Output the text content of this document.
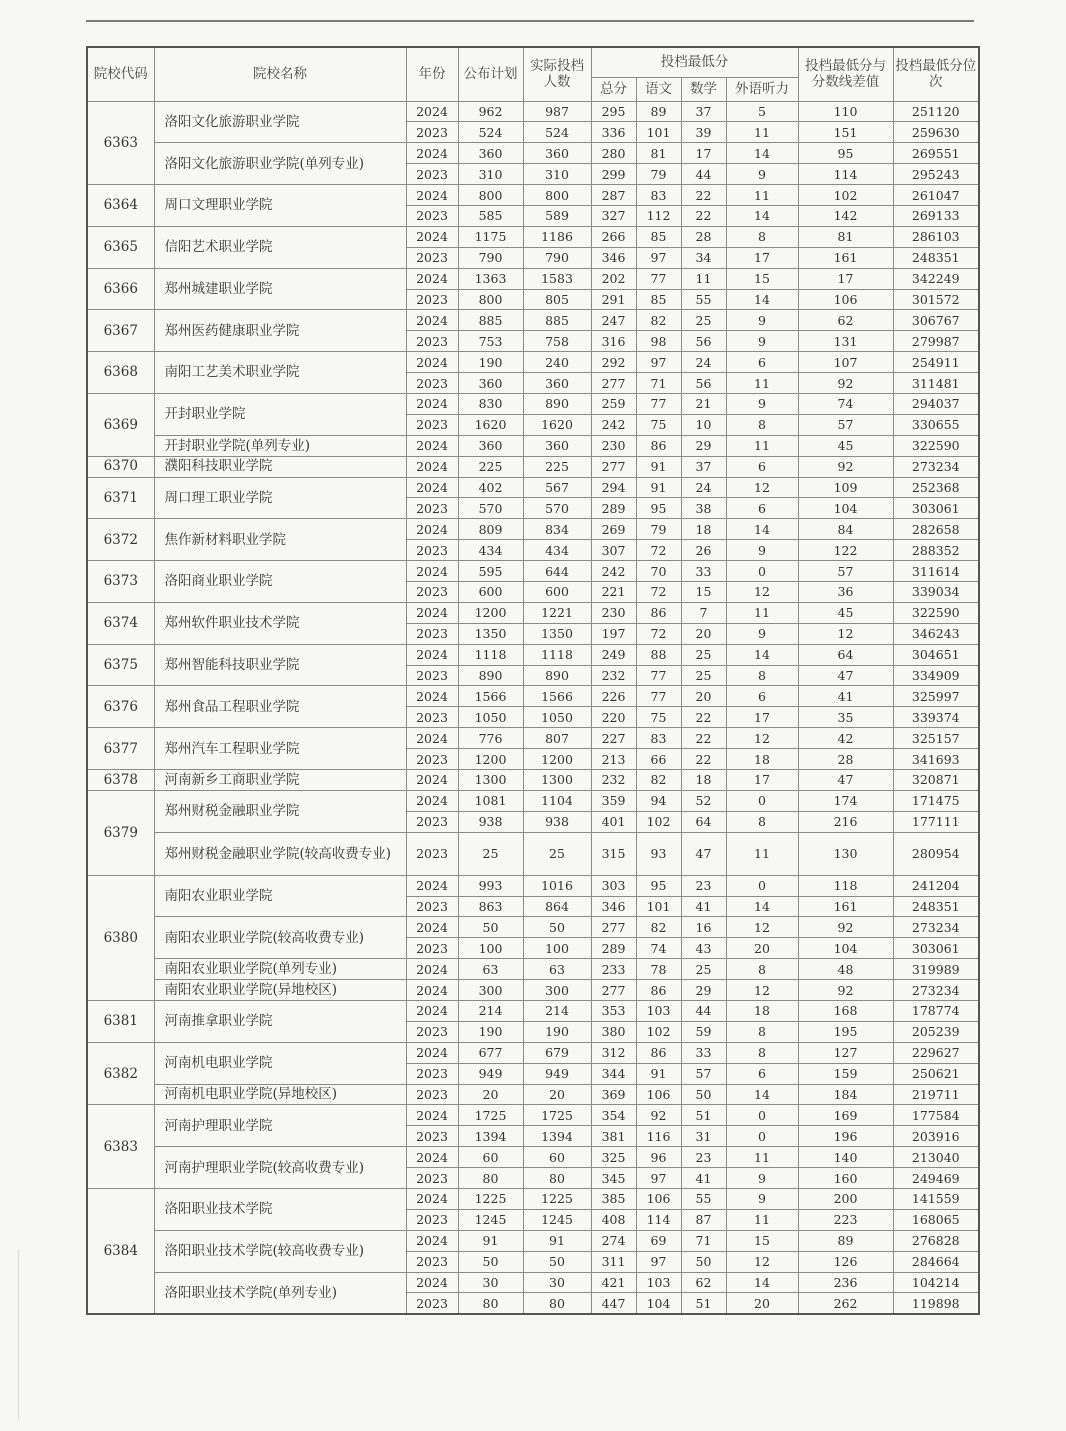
院校代码	院校名称	年份	公布计划	实际投档人数	投档最低分				投档最低分与分数线差值	投档最低分位次
					总分	语文	数学	外语听力		
6363	洛阳文化旅游职业学院	2024	962	987	295	89	37	5	110	251120
		2023	524	524	336	101	39	11	151	259630
	洛阳文化旅游职业学院(单列专业)	2024	360	360	280	81	17	14	95	269551
		2023	310	310	299	79	44	9	114	295243
6364	周口文理职业学院	2024	800	800	287	83	22	11	102	261047
		2023	585	589	327	112	22	14	142	269133
6365	信阳艺术职业学院	2024	1175	1186	266	85	28	8	81	286103
		2023	790	790	346	97	34	17	161	248351
6366	郑州城建职业学院	2024	1363	1583	202	77	11	15	17	342249
		2023	800	805	291	85	55	14	106	301572
6367	郑州医药健康职业学院	2024	885	885	247	82	25	9	62	306767
		2023	753	758	316	98	56	9	131	279987
6368	南阳工艺美术职业学院	2024	190	240	292	97	24	6	107	254911
		2023	360	360	277	71	56	11	92	311481
6369	开封职业学院	2024	830	890	259	77	21	9	74	294037
		2023	1620	1620	242	75	10	8	57	330655
	开封职业学院(单列专业)	2024	360	360	230	86	29	11	45	322590
6370	濮阳科技职业学院	2024	225	225	277	91	37	6	92	273234
6371	周口理工职业学院	2024	402	567	294	91	24	12	109	252368
		2023	570	570	289	95	38	6	104	303061
6372	焦作新材料职业学院	2024	809	834	269	79	18	14	84	282658
		2023	434	434	307	72	26	9	122	288352
6373	洛阳商业职业学院	2024	595	644	242	70	33	0	57	311614
		2023	600	600	221	72	15	12	36	339034
6374	郑州软件职业技术学院	2024	1200	1221	230	86	7	11	45	322590
		2023	1350	1350	197	72	20	9	12	346243
6375	郑州智能科技职业学院	2024	1118	1118	249	88	25	14	64	304651
		2023	890	890	232	77	25	8	47	334909
6376	郑州食品工程职业学院	2024	1566	1566	226	77	20	6	41	325997
		2023	1050	1050	220	75	22	17	35	339374
6377	郑州汽车工程职业学院	2024	776	807	227	83	22	12	42	325157
		2023	1200	1200	213	66	22	18	28	341693
6378	河南新乡工商职业学院	2024	1300	1300	232	82	18	17	47	320871
6379	郑州财税金融职业学院	2024	1081	1104	359	94	52	0	174	171475
		2023	938	938	401	102	64	8	216	177111
	郑州财税金融职业学院(较高收费专业)	2023	25	25	315	93	47	11	130	280954
6380	南阳农业职业学院	2024	993	1016	303	95	23	0	118	241204
		2023	863	864	346	101	41	14	161	248351
	南阳农业职业学院(较高收费专业)	2024	50	50	277	82	16	12	92	273234
		2023	100	100	289	74	43	20	104	303061
	南阳农业职业学院(单列专业)	2024	63	63	233	78	25	8	48	319989
	南阳农业职业学院(异地校区)	2024	300	300	277	86	29	12	92	273234
6381	河南推拿职业学院	2024	214	214	353	103	44	18	168	178774
		2023	190	190	380	102	59	8	195	205239
6382	河南机电职业学院	2024	677	679	312	86	33	8	127	229627
		2023	949	949	344	91	57	6	159	250621
	河南机电职业学院(异地校区)	2023	20	20	369	106	50	14	184	219711
6383	河南护理职业学院	2024	1725	1725	354	92	51	0	169	177584
		2023	1394	1394	381	116	31	0	196	203916
	河南护理职业学院(较高收费专业)	2024	60	60	325	96	23	11	140	213040
		2023	80	80	345	97	41	9	160	249469
6384	洛阳职业技术学院	2024	1225	1225	385	106	55	9	200	141559
		2023	1245	1245	408	114	87	11	223	168065
	洛阳职业技术学院(较高收费专业)	2024	91	91	274	69	71	15	89	276828
		2023	50	50	311	97	50	12	126	284664
	洛阳职业技术学院(单列专业)	2024	30	30	421	103	62	14	236	104214
		2023	80	80	447	104	51	20	262	119898
